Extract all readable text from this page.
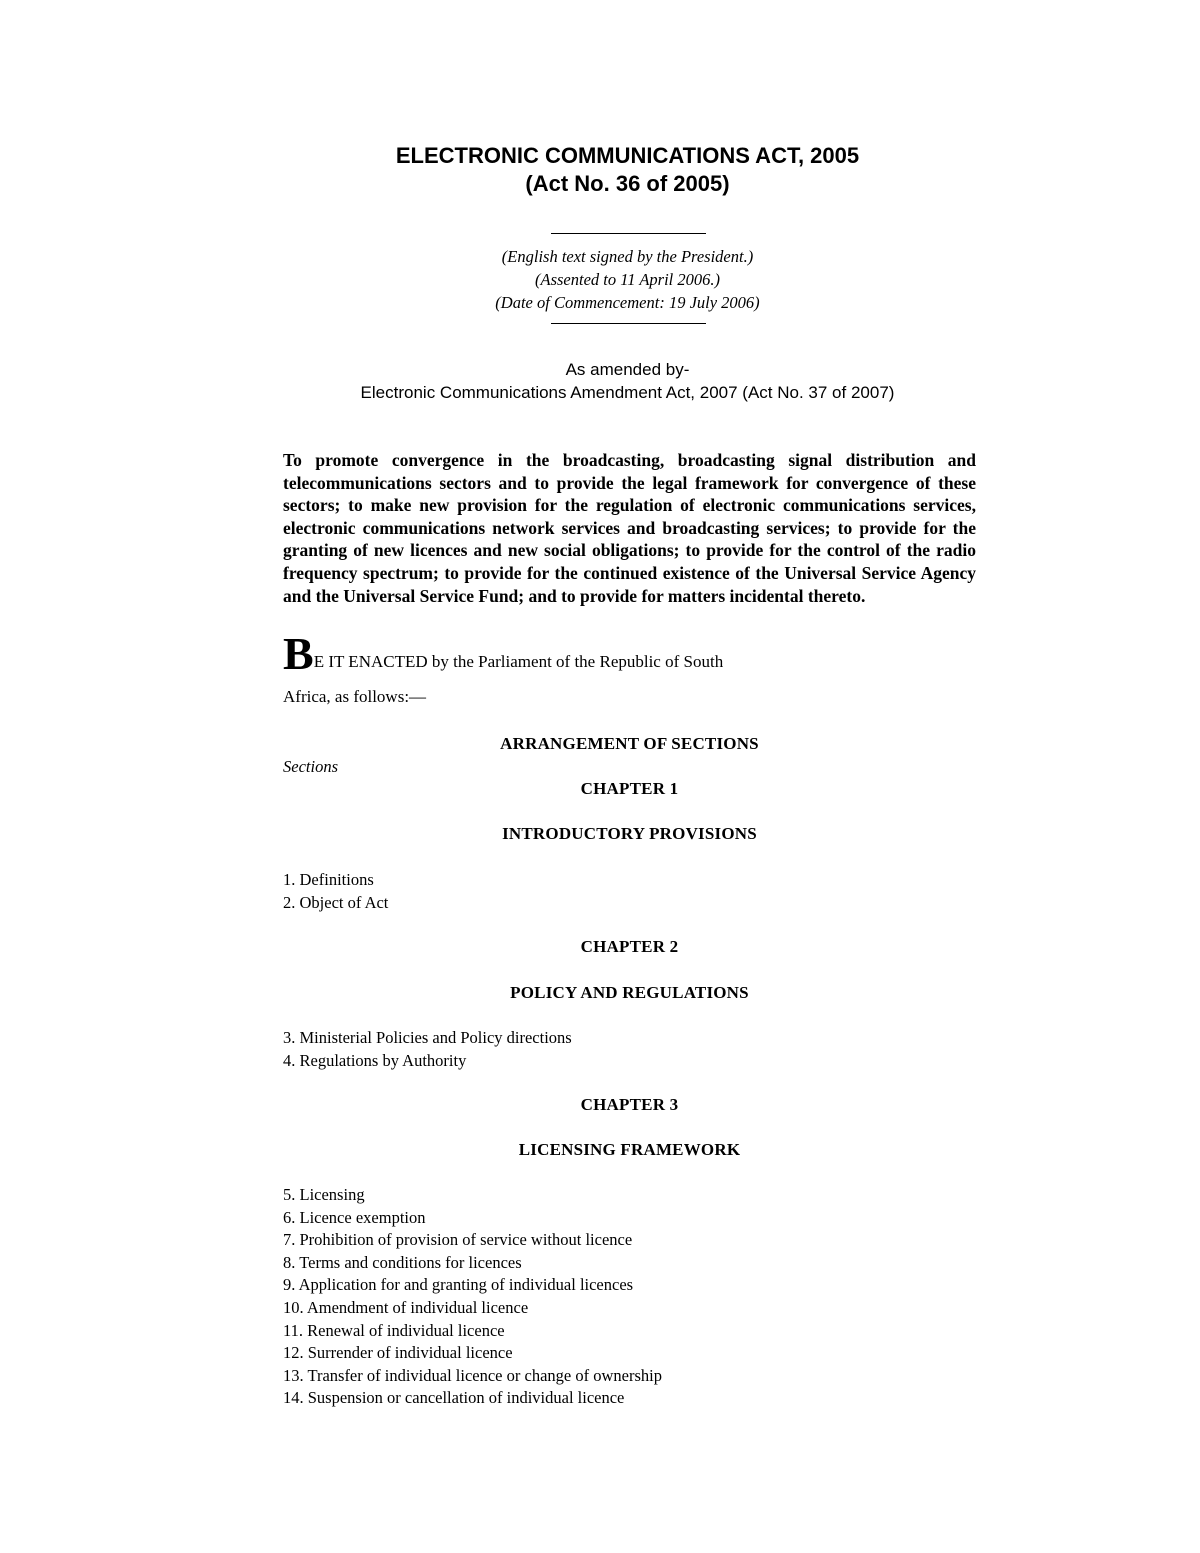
ELECTRONIC COMMUNICATIONS ACT, 2005
(Act No. 36 of 2005)
(English text signed by the President.)
(Assented to 11 April 2006.)
(Date of Commencement: 19 July 2006)
As amended by-
Electronic Communications Amendment Act, 2007 (Act No. 37 of 2007)
To promote convergence in the broadcasting, broadcasting signal distribution and telecommunications sectors and to provide the legal framework for convergence of these sectors; to make new provision for the regulation of electronic communications services, electronic communications network services and broadcasting services; to provide for the granting of new licences and new social obligations; to provide for the control of the radio frequency spectrum; to provide for the continued existence of the Universal Service Agency and the Universal Service Fund; and to provide for matters incidental thereto.
BE IT ENACTED by the Parliament of the Republic of South
Africa, as follows:—
ARRANGEMENT OF SECTIONS
Sections
CHAPTER 1
INTRODUCTORY PROVISIONS
1. Definitions
2. Object of Act
CHAPTER 2
POLICY AND REGULATIONS
3. Ministerial Policies and Policy directions
4. Regulations by Authority
CHAPTER 3
LICENSING FRAMEWORK
5. Licensing
6. Licence exemption
7. Prohibition of provision of service without licence
8. Terms and conditions for licences
9. Application for and granting of individual licences
10. Amendment of individual licence
11. Renewal of individual licence
12. Surrender of individual licence
13. Transfer of individual licence or change of ownership
14. Suspension or cancellation of individual licence
